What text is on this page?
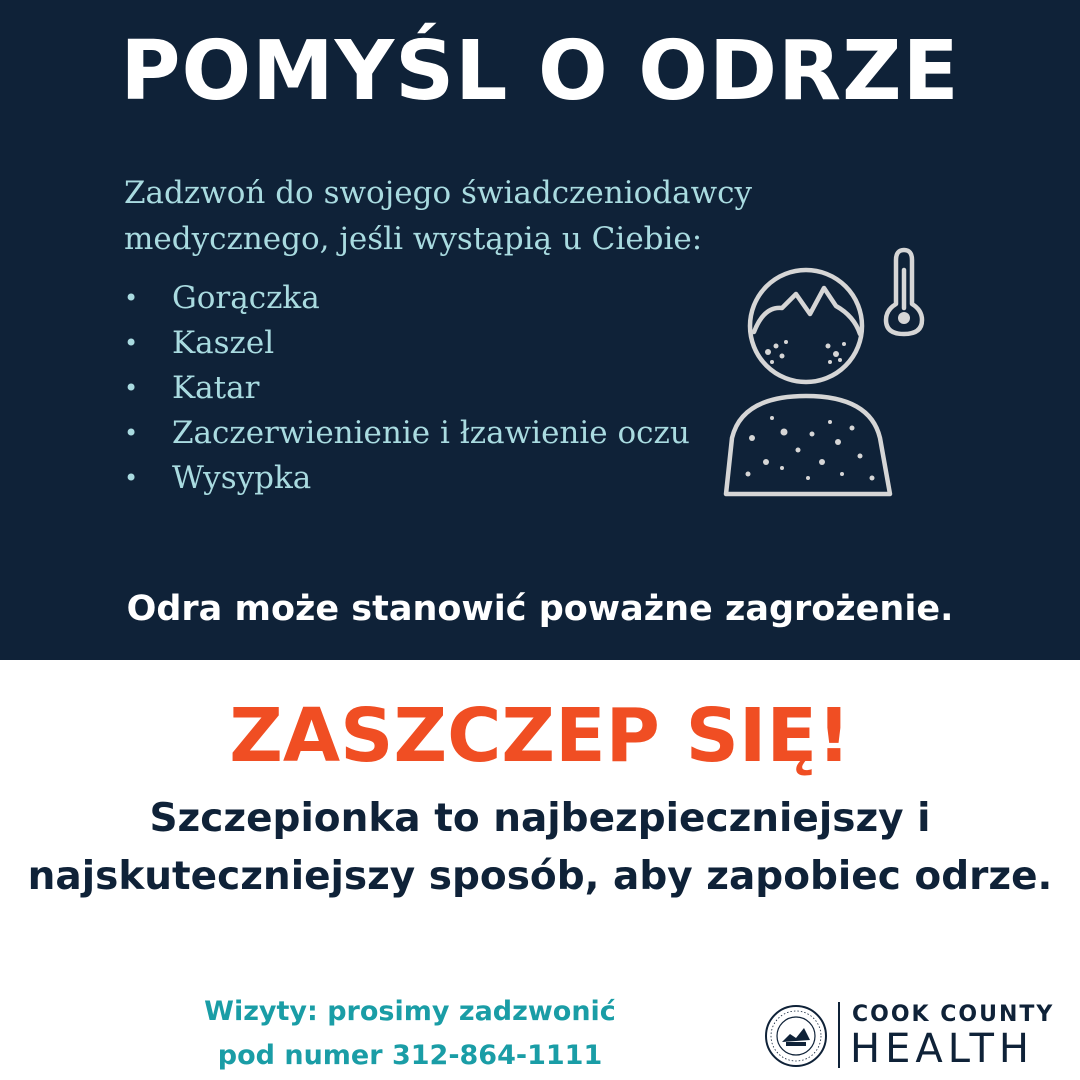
POMYŚL O ODRZE
Zadzwoń do swojego świadczeniodawcy
medycznego, jeśli wystąpią u Ciebie:
• Gorączka
• Kaszel
• Katar
• Zaczerwienienie i łzawienie oczu
• Wysypka
Odra może stanowić poważne zagrożenie.
ZASZCZEP SIĘ!
Szczepionka to najbezpieczniejszy i
najskuteczniejszy sposób, aby zapobiec odrze.
Wizyty: prosimy zadzwonić
pod numer 312-864-1111
COOK COUNTY
HEALTH
